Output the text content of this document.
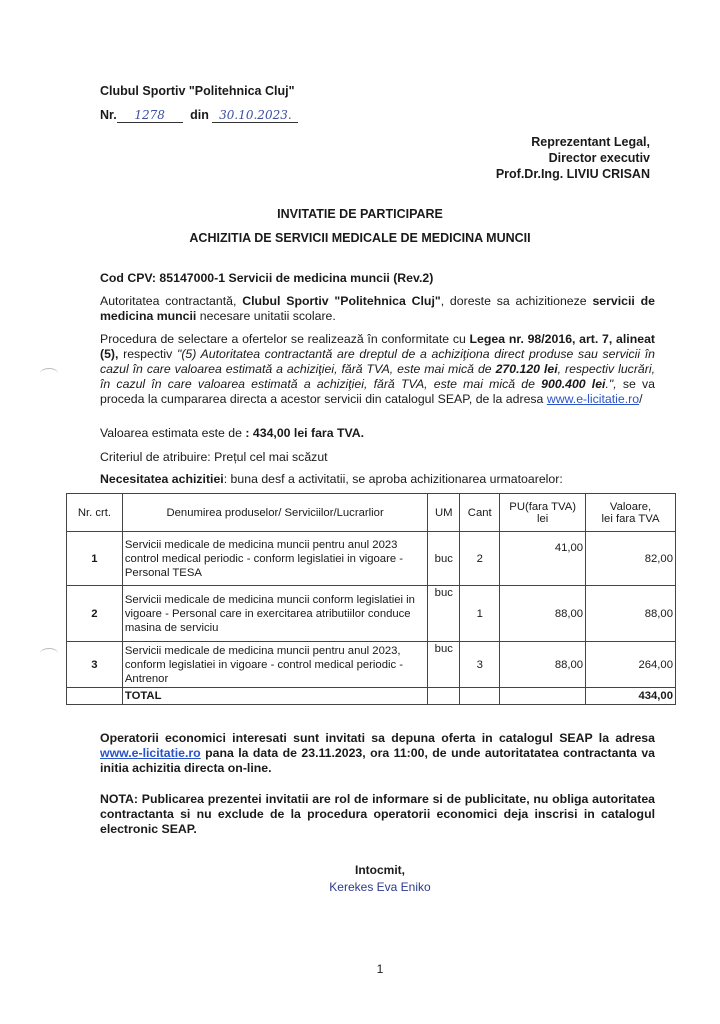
Clubul Sportiv "Politehnica Cluj"
Nr. 1278 din 30.10.2023.
Reprezentant Legal,
Director executiv
Prof.Dr.Ing. LIVIU CRISAN
INVITATIE DE PARTICIPARE
ACHIZITIA DE SERVICII MEDICALE DE MEDICINA MUNCII
Cod CPV: 85147000-1 Servicii de medicina muncii (Rev.2)
Autoritatea contractantă, Clubul Sportiv "Politehnica Cluj", doreste sa achizitioneze servicii de medicina muncii necesare unitatii scolare.
Procedura de selectare a ofertelor se realizează în conformitate cu Legea nr. 98/2016, art. 7, alineat (5), respectiv "(5) Autoritatea contractantă are dreptul de a achiziţiona direct produse sau servicii în cazul în care valoarea estimată a achiziţiei, fără TVA, este mai mică de 270.120 lei, respectiv lucrări, în cazul în care valoarea estimată a achiziţiei, fără TVA, este mai mică de 900.400 lei.", se va proceda la cumpararea directa a acestor servicii din catalogul SEAP, de la adresa www.e-licitatie.ro/
Valoarea estimata este de : 434,00 lei fara TVA.
Criteriul de atribuire: Prețul cel mai scăzut
Necesitatea achizitiei: buna desf a activitatii, se aproba achizitionarea urmatoarelor:
Nr. crt.	Denumirea produselor/ Serviciilor/Lucrarlior	UM	Cant	PU(fara TVA) lei	Valoare,
lei fara TVA

1	Servicii medicale de medicina muncii pentru anul 2023 control medical periodic - conform legislatiei in vigoare - Personal TESA	buc	2	41,00	82,00
2	Servicii medicale de medicina muncii conform legislatiei in vigoare - Personal care in exercitarea atributiilor conduce masina de serviciu	buc	1	88,00	88,00
3	Servicii medicale de medicina muncii pentru anul 2023, conform legislatiei in vigoare - control medical periodic - Antrenor	buc	3	88,00	264,00
	TOTAL				434,00
Operatorii economici interesati sunt invitati sa depuna oferta in catalogul SEAP la adresa www.e-licitatie.ro pana la data de 23.11.2023, ora 11:00, de unde autoritatatea contractanta va initia achizitia directa on-line.
NOTA: Publicarea prezentei invitatii are rol de informare si de publicitate, nu obliga autoritatea contractanta si nu exclude de la procedura operatorii economici deja inscrisi in catalogul electronic SEAP.
Intocmit,
Kerekes Eva Eniko
1
